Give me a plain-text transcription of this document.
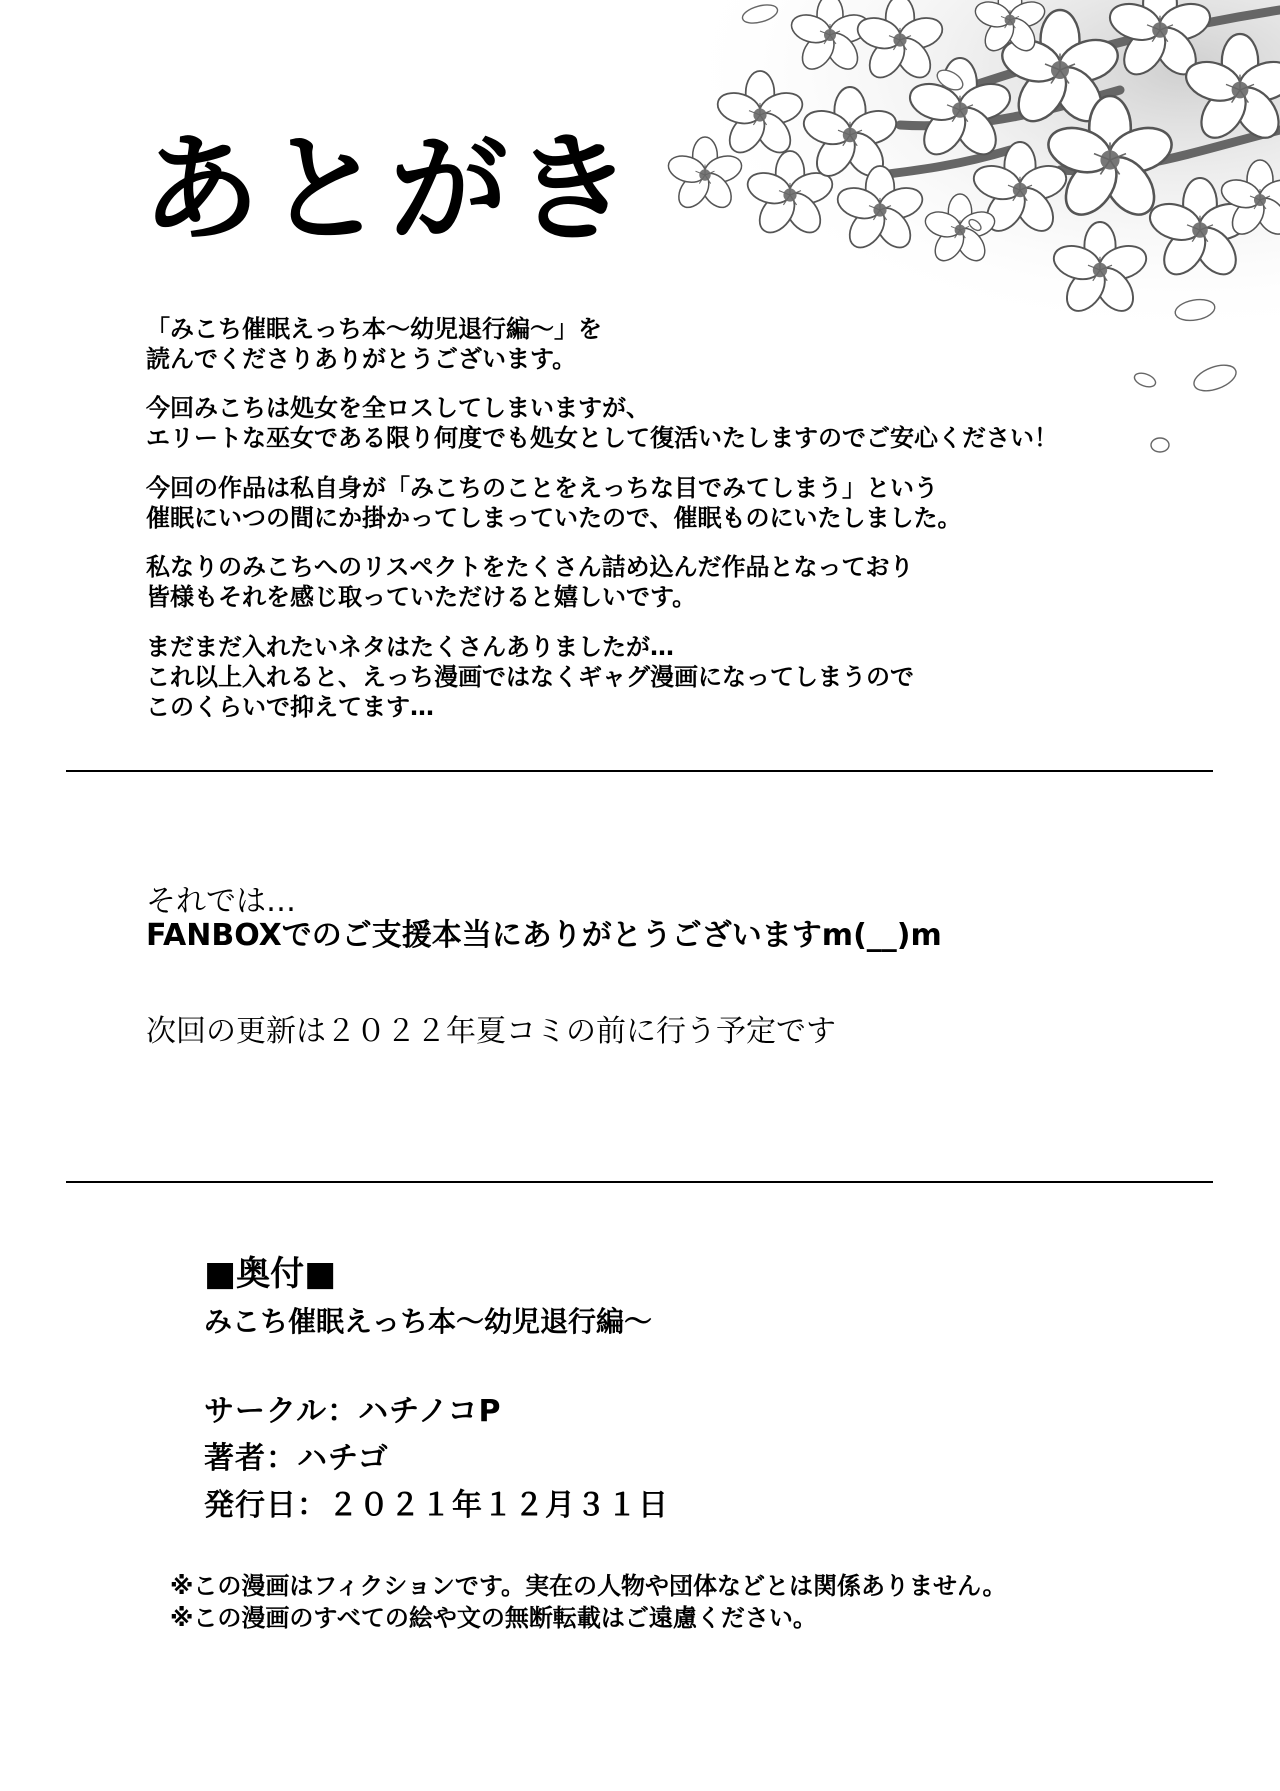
あとがき
「みこち催眠えっち本～幼児退行編～」を
読んでくださりありがとうございます。
今回みこちは処女を全ロスしてしまいますが、
エリートな巫女である限り何度でも処女として復活いたしますのでご安心ください！
今回の作品は私自身が「みこちのことをえっちな目でみてしまう」という
催眠にいつの間にか掛かってしまっていたので、催眠ものにいたしました。
私なりのみこちへのリスペクトをたくさん詰め込んだ作品となっており
皆様もそれを感じ取っていただけると嬉しいです。
まだまだ入れたいネタはたくさんありましたが…
これ以上入れると、えっち漫画ではなくギャグ漫画になってしまうので
このくらいで抑えてます…
それでは…
FANBOXでのご支援本当にありがとうございますm(__)m
次回の更新は２０２２年夏コミの前に行う予定です
■奥付■
みこち催眠えっち本～幼児退行編～
サークル：ハチノコP
著者：ハチゴ
発行日：２０２１年１２月３１日
※この漫画はフィクションです。実在の人物や団体などとは関係ありません。
※この漫画のすべての絵や文の無断転載はご遠慮ください。
